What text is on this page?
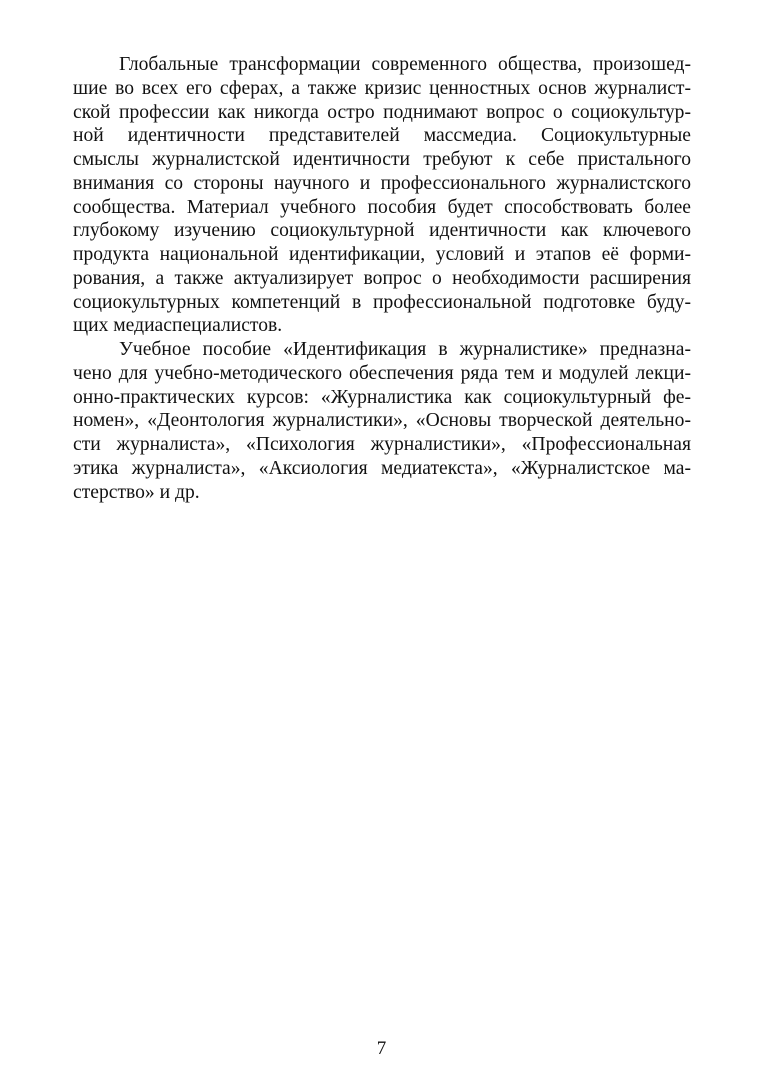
Глобальные трансформации современного общества, произошед-
шие во всех его сферах, а также кризис ценностных основ журналист-
ской профессии как никогда остро поднимают вопрос о социокультур-
ной идентичности представителей массмедиа. Социокультурные
смыслы журналистской идентичности требуют к себе пристального
внимания со стороны научного и профессионального журналистского
сообщества. Материал учебного пособия будет способствовать более
глубокому изучению социокультурной идентичности как ключевого
продукта национальной идентификации, условий и этапов её форми-
рования, а также актуализирует вопрос о необходимости расширения
социокультурных компетенций в профессиональной подготовке буду-
щих медиаспециалистов.
Учебное пособие «Идентификация в журналистике» предназна-
чено для учебно-методического обеспечения ряда тем и модулей лекци-
онно-практических курсов: «Журналистика как социокультурный фе-
номен», «Деонтология журналистики», «Основы творческой деятельно-
сти журналиста», «Психология журналистики», «Профессиональная
этика журналиста», «Аксиология медиатекста», «Журналистское ма-
стерство» и др.
7
